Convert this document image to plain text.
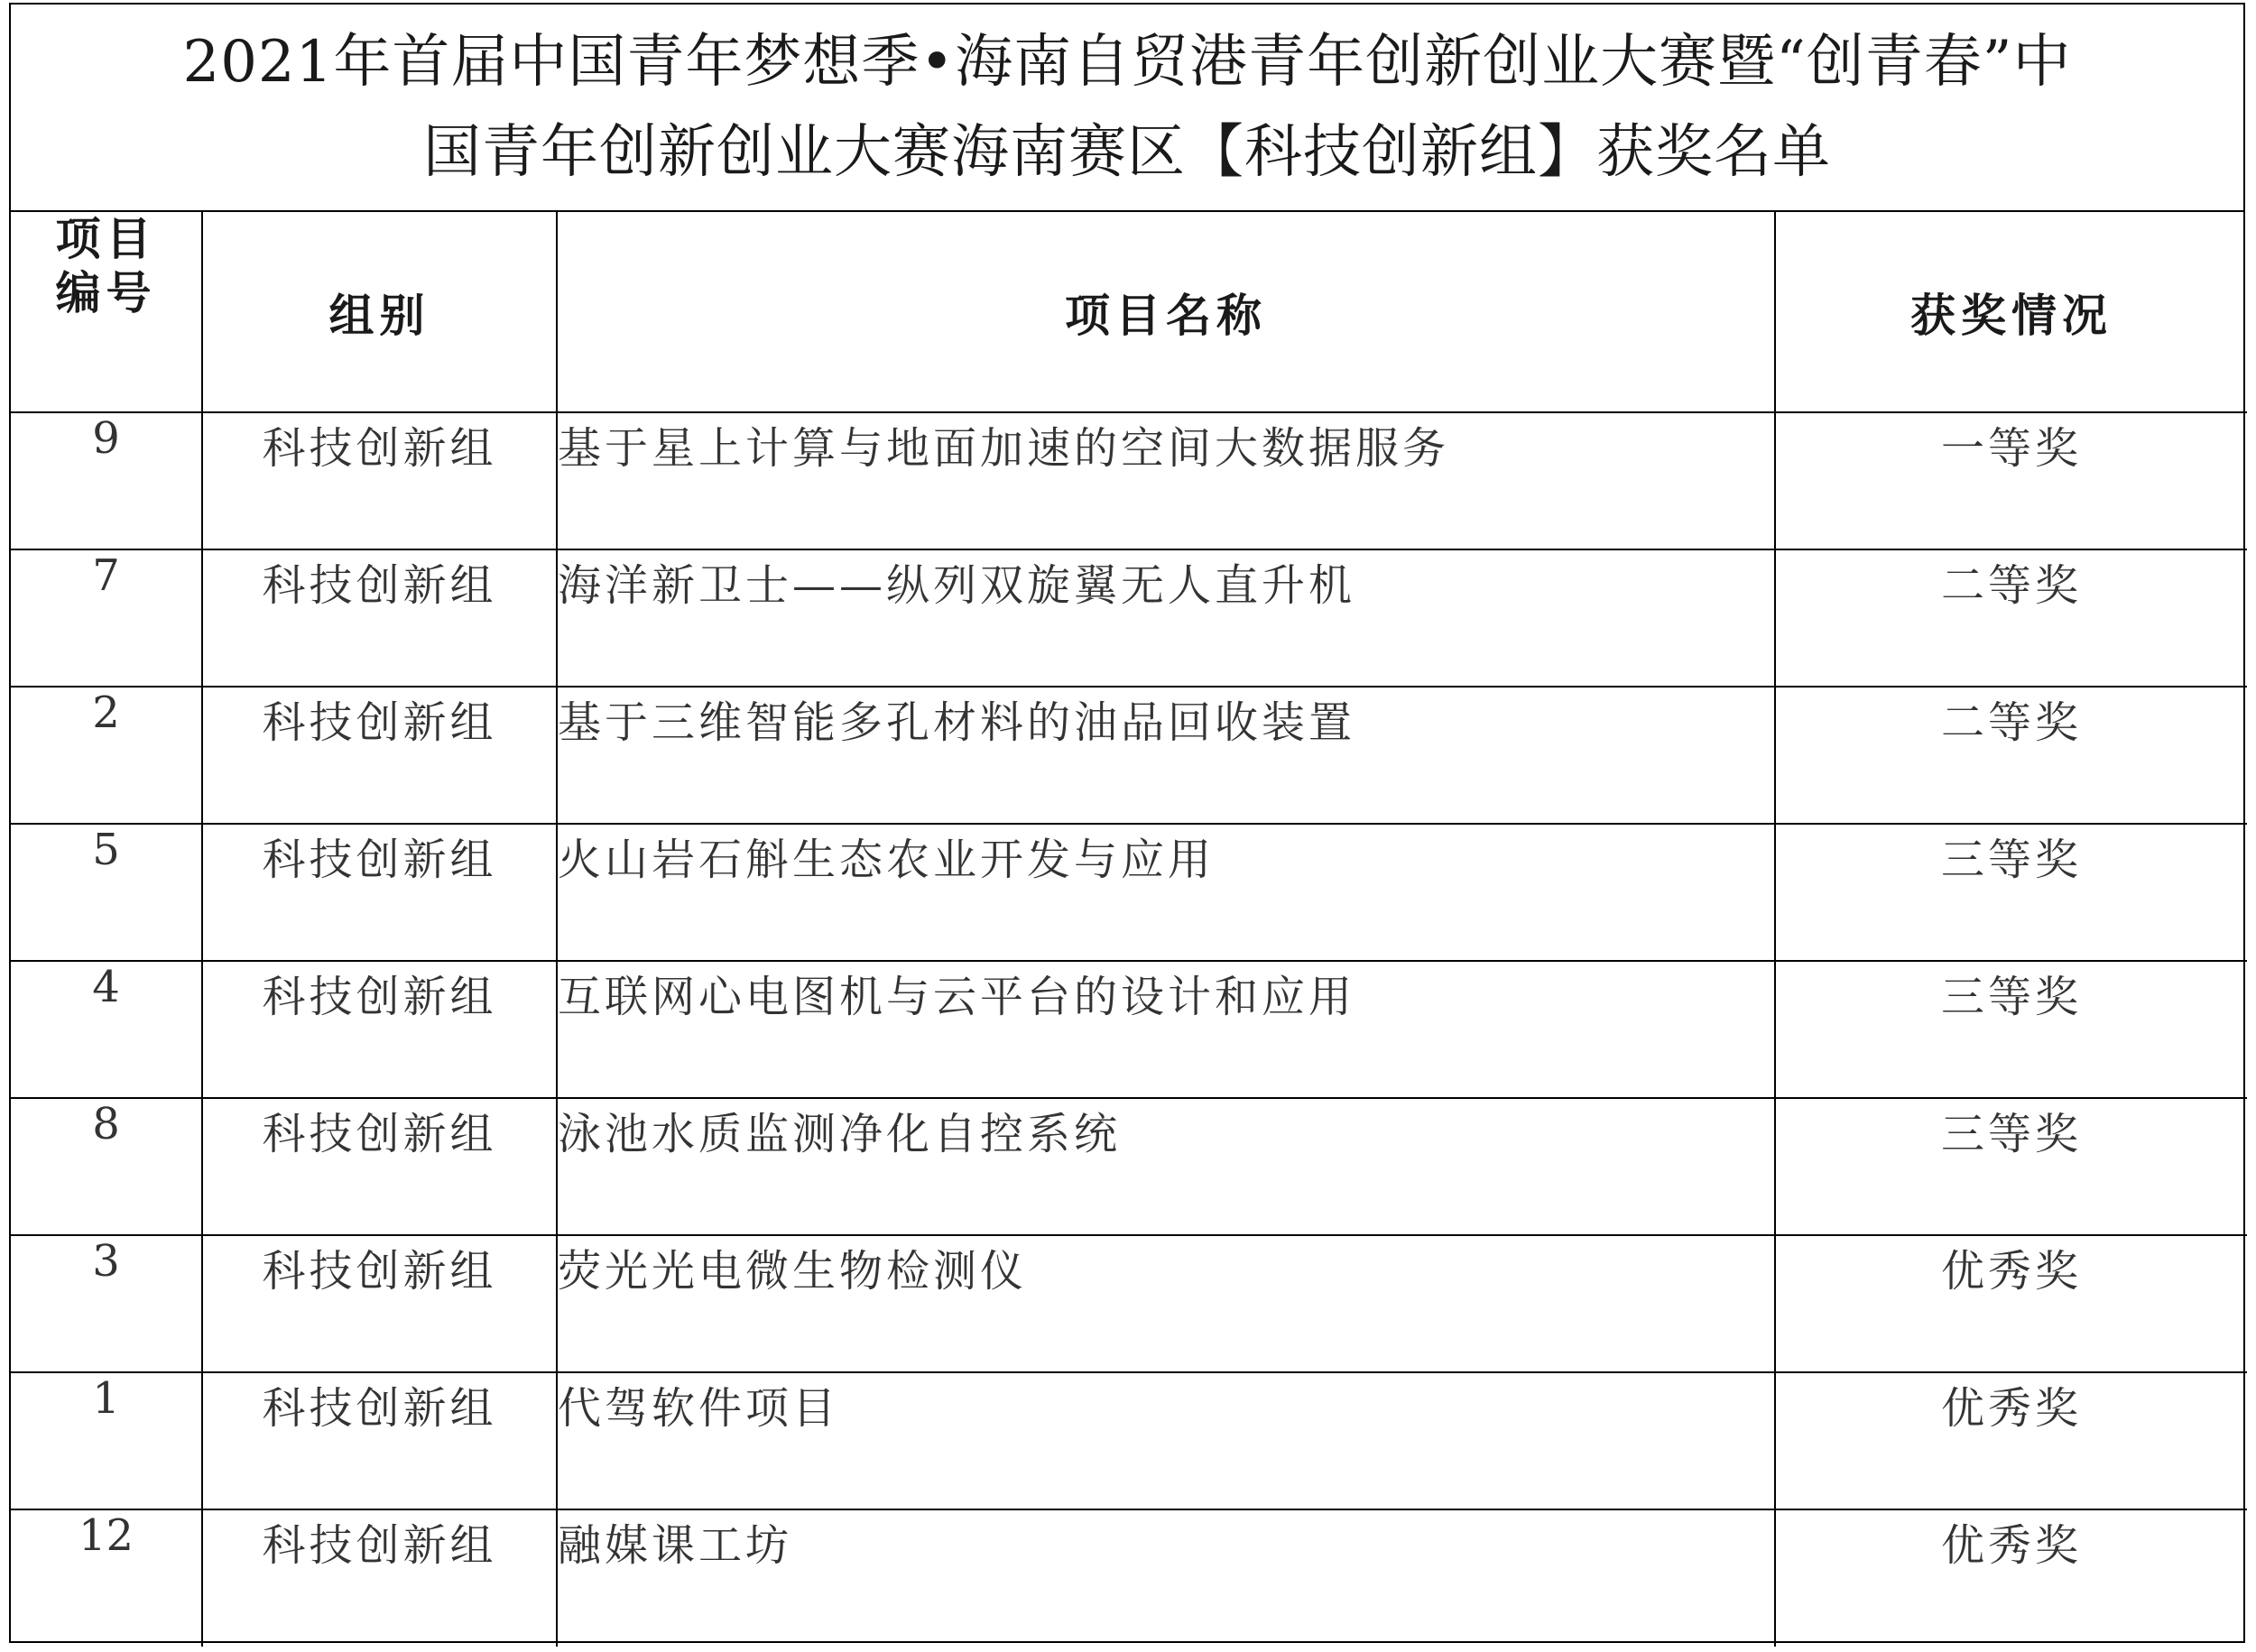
2021年首届中国青年梦想季•海南自贸港青年创新创业大赛暨“创青春”中
国青年创新创业大赛海南赛区【科技创新组】获奖名单
项目
编号	组别	项目名称	获奖情况
9	科技创新组	基于星上计算与地面加速的空间大数据服务	一等奖
7	科技创新组	海洋新卫士——纵列双旋翼无人直升机	二等奖
2	科技创新组	基于三维智能多孔材料的油品回收装置	二等奖
5	科技创新组	火山岩石斛生态农业开发与应用	三等奖
4	科技创新组	互联网心电图机与云平台的设计和应用	三等奖
8	科技创新组	泳池水质监测净化自控系统	三等奖
3	科技创新组	荧光光电微生物检测仪	优秀奖
1	科技创新组	代驾软件项目	优秀奖
12	科技创新组	融媒课工坊	优秀奖
